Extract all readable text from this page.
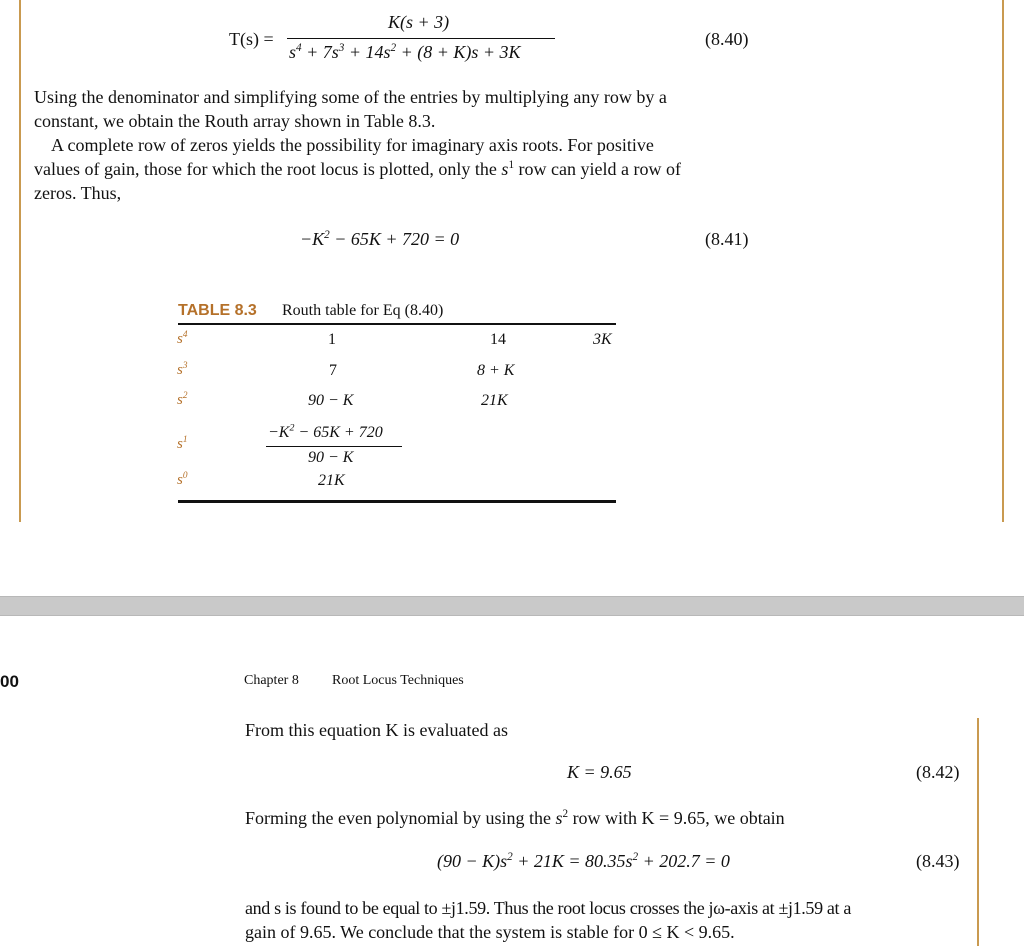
T(s) =
K(s + 3)
$s^4 + 7s^3 + 14s^2 + (8 + K)s + 3K$
(8.40)
Using the denominator and simplifying some of the entries by multiplying any row by a
constant, we obtain the Routh array shown in Table 8.3.
A complete row of zeros yields the possibility for imaginary axis roots. For positive
values of gain, those for which the root locus is plotted, only the $s^1$ row can yield a row of
zeros. Thus,
$-K^2 - 65K + 720 = 0$	(8.41)
TABLE 8.3 Routh table for Eq (8.40)
$s^4$	1	14	3K
$s^3$	7	8 + K
$s^2$	90 − K	21K
$s^1$	$-K^2 - 65K + 720$
90 − K
$s^0$	21K
00	Chapter 8 Root Locus Techniques
From this equation K is evaluated as
K = 9.65	(8.42)
Forming the even polynomial by using the $s^2$ row with K = 9.65, we obtain
$(90 - K)s^2 + 21K = 80.35s^2 + 202.7 = 0$	(8.43)
and s is found to be equal to ±j1.59. Thus the root locus crosses the jω-axis at ±j1.59 at a
gain of 9.65. We conclude that the system is stable for 0 ≤ K < 9.65.
